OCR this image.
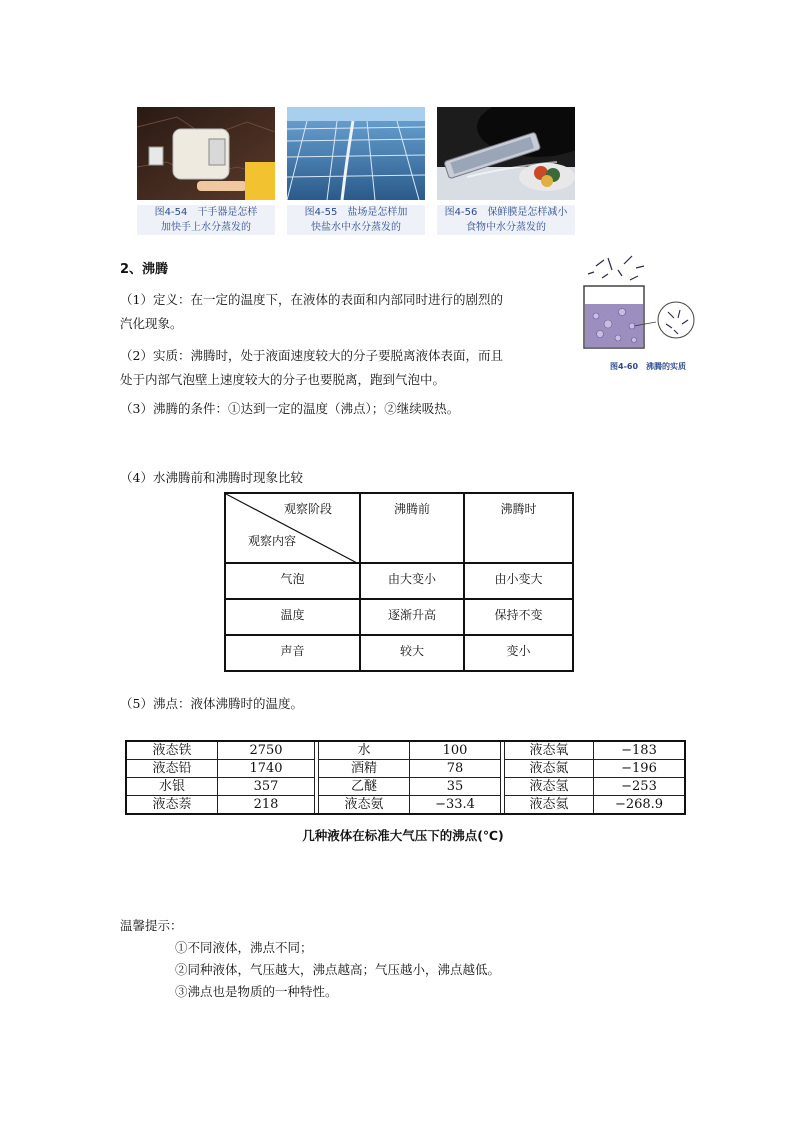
图4-54　干手器是怎样
加快手上水分蒸发的
图4-55　盐场是怎样加
快盐水中水分蒸发的
图4-56　保鲜膜是怎样减小
食物中水分蒸发的
2、沸腾
（1）定义：在一定的温度下，在液体的表面和内部同时进行的剧烈的
汽化现象。
（2）实质：沸腾时，处于液面速度较大的分子要脱离液体表面，而且
处于内部气泡壁上速度较大的分子也要脱离，跑到气泡中。
（3）沸腾的条件：①达到一定的温度（沸点）；②继续吸热。
图4-60　沸腾的实质
（4）水沸腾前和沸腾时现象比较
观察阶段
观察内容	沸腾前	沸腾时
气泡	由大变小	由小变大
温度	逐渐升高	保持不变
声音	较大	变小
（5）沸点：液体沸腾时的温度。
液态铁	2750		水	100		液态氧	−183
液态铅	1740		酒精	78		液态氮	−196
水银	357		乙醚	35		液态氢	−253
液态萘	218		液态氨	−33.4		液态氦	−268.9
几种液体在标准大气压下的沸点(℃)
温馨提示：
①不同液体，沸点不同；
②同种液体，气压越大，沸点越高；气压越小，沸点越低。
③沸点也是物质的一种特性。
